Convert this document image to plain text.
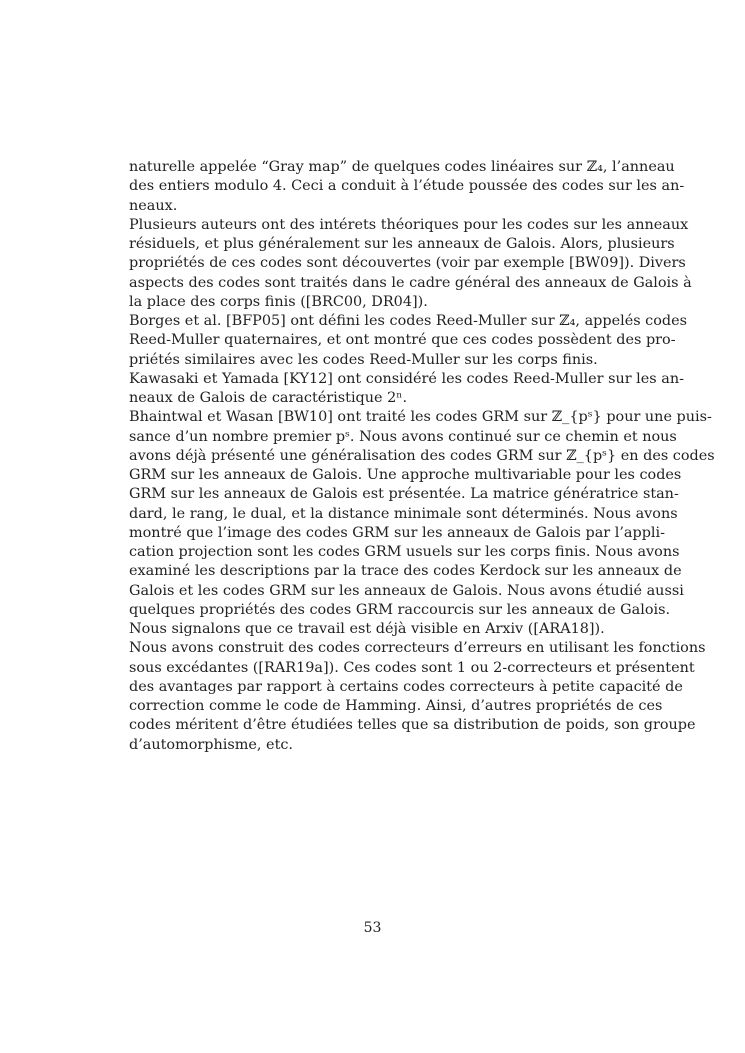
naturelle appelée “Gray map” de quelques codes linéaires sur ℤ₄, l’anneau
des entiers modulo 4. Ceci a conduit à l’étude poussée des codes sur les an-
neaux.
Plusieurs auteurs ont des intérets théoriques pour les codes sur les anneaux
résiduels, et plus généralement sur les anneaux de Galois. Alors, plusieurs
propriétés de ces codes sont découvertes (voir par exemple [BW09]). Divers
aspects des codes sont traités dans le cadre général des anneaux de Galois à
la place des corps finis ([BRC00, DR04]).
Borges et al. [BFP05] ont défini les codes Reed-Muller sur ℤ₄, appelés codes
Reed-Muller quaternaires, et ont montré que ces codes possèdent des pro-
priétés similaires avec les codes Reed-Muller sur les corps finis.
Kawasaki et Yamada [KY12] ont considéré les codes Reed-Muller sur les an-
neaux de Galois de caractéristique 2ⁿ.
Bhaintwal et Wasan [BW10] ont traité les codes GRM sur ℤ_{pˢ} pour une puis-
sance d’un nombre premier pˢ. Nous avons continué sur ce chemin et nous
avons déjà présenté une généralisation des codes GRM sur ℤ_{pˢ} en des codes
GRM sur les anneaux de Galois. Une approche multivariable pour les codes
GRM sur les anneaux de Galois est présentée. La matrice génératrice stan-
dard, le rang, le dual, et la distance minimale sont déterminés. Nous avons
montré que l’image des codes GRM sur les anneaux de Galois par l’appli-
cation projection sont les codes GRM usuels sur les corps finis. Nous avons
examiné les descriptions par la trace des codes Kerdock sur les anneaux de
Galois et les codes GRM sur les anneaux de Galois. Nous avons étudié aussi
quelques propriétés des codes GRM raccourcis sur les anneaux de Galois.
Nous signalons que ce travail est déjà visible en Arxiv ([ARA18]).
Nous avons construit des codes correcteurs d’erreurs en utilisant les fonctions
sous excédantes ([RAR19a]). Ces codes sont 1 ou 2-correcteurs et présentent
des avantages par rapport à certains codes correcteurs à petite capacité de
correction comme le code de Hamming. Ainsi, d’autres propriétés de ces
codes méritent d’être étudiées telles que sa distribution de poids, son groupe
d’automorphisme, etc.
53
